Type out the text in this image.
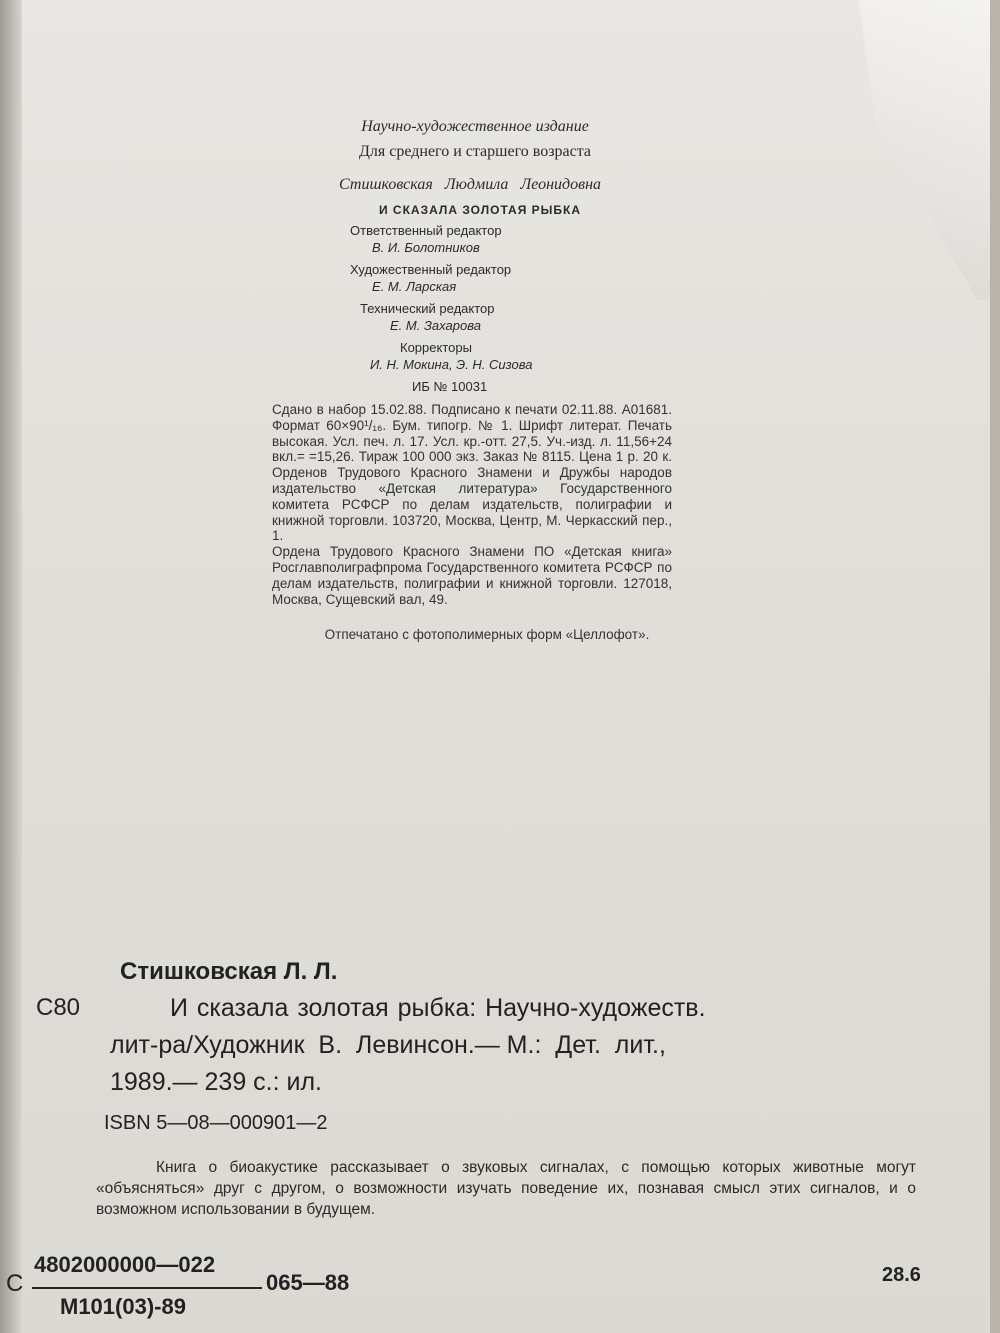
Научно-художественное издание
Для среднего и старшего возраста
Стишковская   Людмила   Леонидовна
И СКАЗАЛА ЗОЛОТАЯ РЫБКА
Ответственный редактор
В. И. Болотников
Художественный редактор
Е. М. Ларская
Технический редактор
Е. М. Захарова
Корректоры
И. Н. Мокина, Э. Н. Сизова
ИБ № 10031

Сдано в набор 15.02.88. Подписано к печати 02.11.88. А01681. Формат 60×90¹/₁₆. Бум. типогр. № 1. Шрифт литерат. Печать высокая. Усл. печ. л. 17. Усл. кр.-отт. 27,5. Уч.-изд. л. 11,56+24 вкл.= =15,26. Тираж 100 000 экз. Заказ № 8115. Цена 1 р. 20 к. Орденов Трудового Красного Знамени и Дружбы народов издательство «Детская литература» Государственного комитета РСФСР по делам издательств, полиграфии и книжной торговли. 103720, Москва, Центр, М. Черкасский пер., 1.

Ордена Трудового Красного Знамени ПО «Детская книга» Росглавполиграфпрома Государственного комитета РСФСР по делам издательств, полиграфии и книжной торговли. 127018, Москва, Сущевский вал, 49.

Отпечатано с фотополимерных форм «Целлофот».

Стишковская Л. Л.
С80	И сказала золотая рыбка: Научно-художеств.
лит-ра/Художник  В.  Левинсон.— М.:  Дет.  лит.,
1989.— 239 с.: ил.
ISBN 5—08—000901—2
Книга о биоакустике рассказывает о звуковых сигналах, с помощью которых животные могут «объясняться» друг с другом, о возможности изучать поведение их, познавая смысл этих сигналов, и о возможном использовании в будущем.
С
4802000000—022
М101(03)-89
065—88	28.6
